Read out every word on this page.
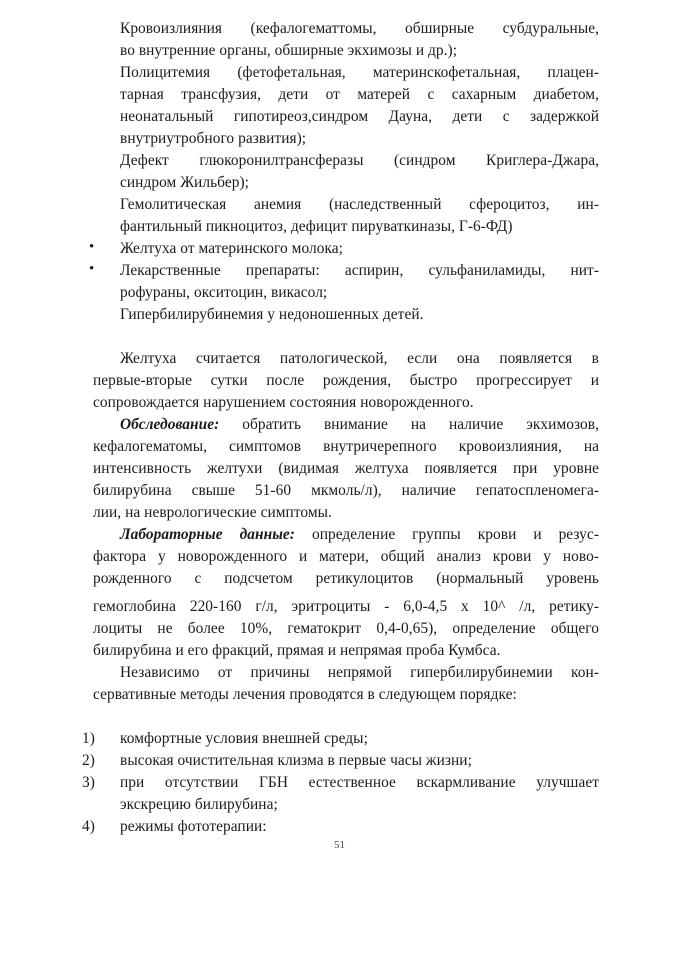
Кровоизлияния (кефалогематтомы, обширные субдуральные,
во внутренние органы, обширные экхимозы и др.);
Полицитемия (фетофетальная, материнскофетальная, плацен-
тарная трансфузия, дети от матерей с сахарным диабетом,
неонатальный гипотиреоз,синдром Дауна, дети с задержкой
внутриутробного развития);
Дефект глюкоронилтрансферазы (синдром Криглера-Джара,
синдром Жильбер);
Гемолитическая анемия (наследственный сфероцитоз, ин-
фантильный пикноцитоз, дефицит пируваткиназы, Г-6-ФД)
•	Желтуха от материнского молока;
•	Лекарственные препараты: аспирин, сульфаниламиды, нит-
рофураны, окситоцин, викасол;
Гипербилирубинемия у недоношенных детей.
Желтуха считается патологической, если она появляется в
первые-вторые сутки после рождения, быстро прогрессирует и
сопровождается нарушением состояния новорожденного.
Обследование: обратить внимание на наличие экхимозов,
кефалогематомы, симптомов внутричерепного кровоизлияния, на
интенсивность желтухи (видимая желтуха появляется при уровне
билирубина свыше 51-60 мкмоль/л), наличие гепатоспленомега-
лии, на неврологические симптомы.
Лабораторные данные: определение группы крови и резус-
фактора у новорожденного и матери, общий анализ крови у ново-
рожденного с подсчетом ретикулоцитов (нормальный уровень
гемоглобина 220-160 г/л, эритроциты - 6,0-4,5 х 10^ /л, ретику-
лоциты не более 10%, гематокрит 0,4-0,65), определение общего
билирубина и его фракций, прямая и непрямая проба Кумбса.
Независимо от причины непрямой гипербилирубинемии кон-
сервативные методы лечения проводятся в следующем порядке:
1) комфортные условия внешней среды;
2) высокая очистительная клизма в первые часы жизни;
3) при отсутствии ГБН естественное вскармливание улучшает
экскрецию билирубина;
4) режимы фототерапии:
51
